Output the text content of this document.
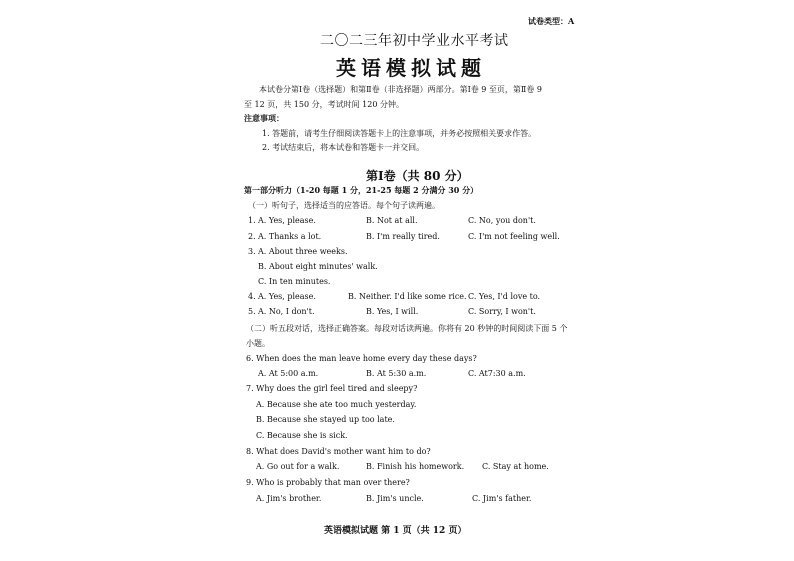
试卷类型：A
二〇二三年初中学业水平考试
英语模拟试题
本试卷分第Ⅰ卷（选择题）和第Ⅱ卷（非选择题）两部分。第Ⅰ卷 9 至页，第Ⅱ卷 9
至 12 页，共 150 分，考试时间 120 分钟。
注意事项：
1. 答题前，请考生仔细阅读答题卡上的注意事项，并务必按照相关要求作答。
2. 考试结束后，将本试卷和答题卡一并交回。
第Ⅰ卷（共 80 分）
第一部分听力（1-20 每题 1 分，21-25 每题 2 分满分 30 分）
（一）听句子，选择适当的应答语。每个句子读两遍。
1. A. Yes, please.	B. Not at all.	C. No, you don't.
2. A. Thanks a lot.	B. I'm really tired.	C. I'm not feeling well.
3. A. About three weeks.
B. About eight minutes' walk.
C. In ten minutes.
4. A. Yes, please.	B. Neither. I'd like some rice. C. Yes, I'd love to.
5. A. No, I don't.	B. Yes, I will.	C. Sorry, I won't.
（二）听五段对话，选择正确答案。每段对话读两遍。你将有 20 秒钟的时间阅读下面 5 个
小题。
6. When does the man leave home every day these days?
A. At 5:00 a.m.	B. At 5:30 a.m.	C. At7:30 a.m.
7. Why does the girl feel tired and sleepy?
A. Because she ate too much yesterday.
B. Because she stayed up too late.
C. Because she is sick.
8. What does David's mother want him to do?
A. Go out for a walk.	B. Finish his homework. C. Stay at home.
9. Who is probably that man over there?
A. Jim's brother.	B. Jim's uncle.	C. Jim's father.
英语模拟试题 第 1 页（共 12 页）
